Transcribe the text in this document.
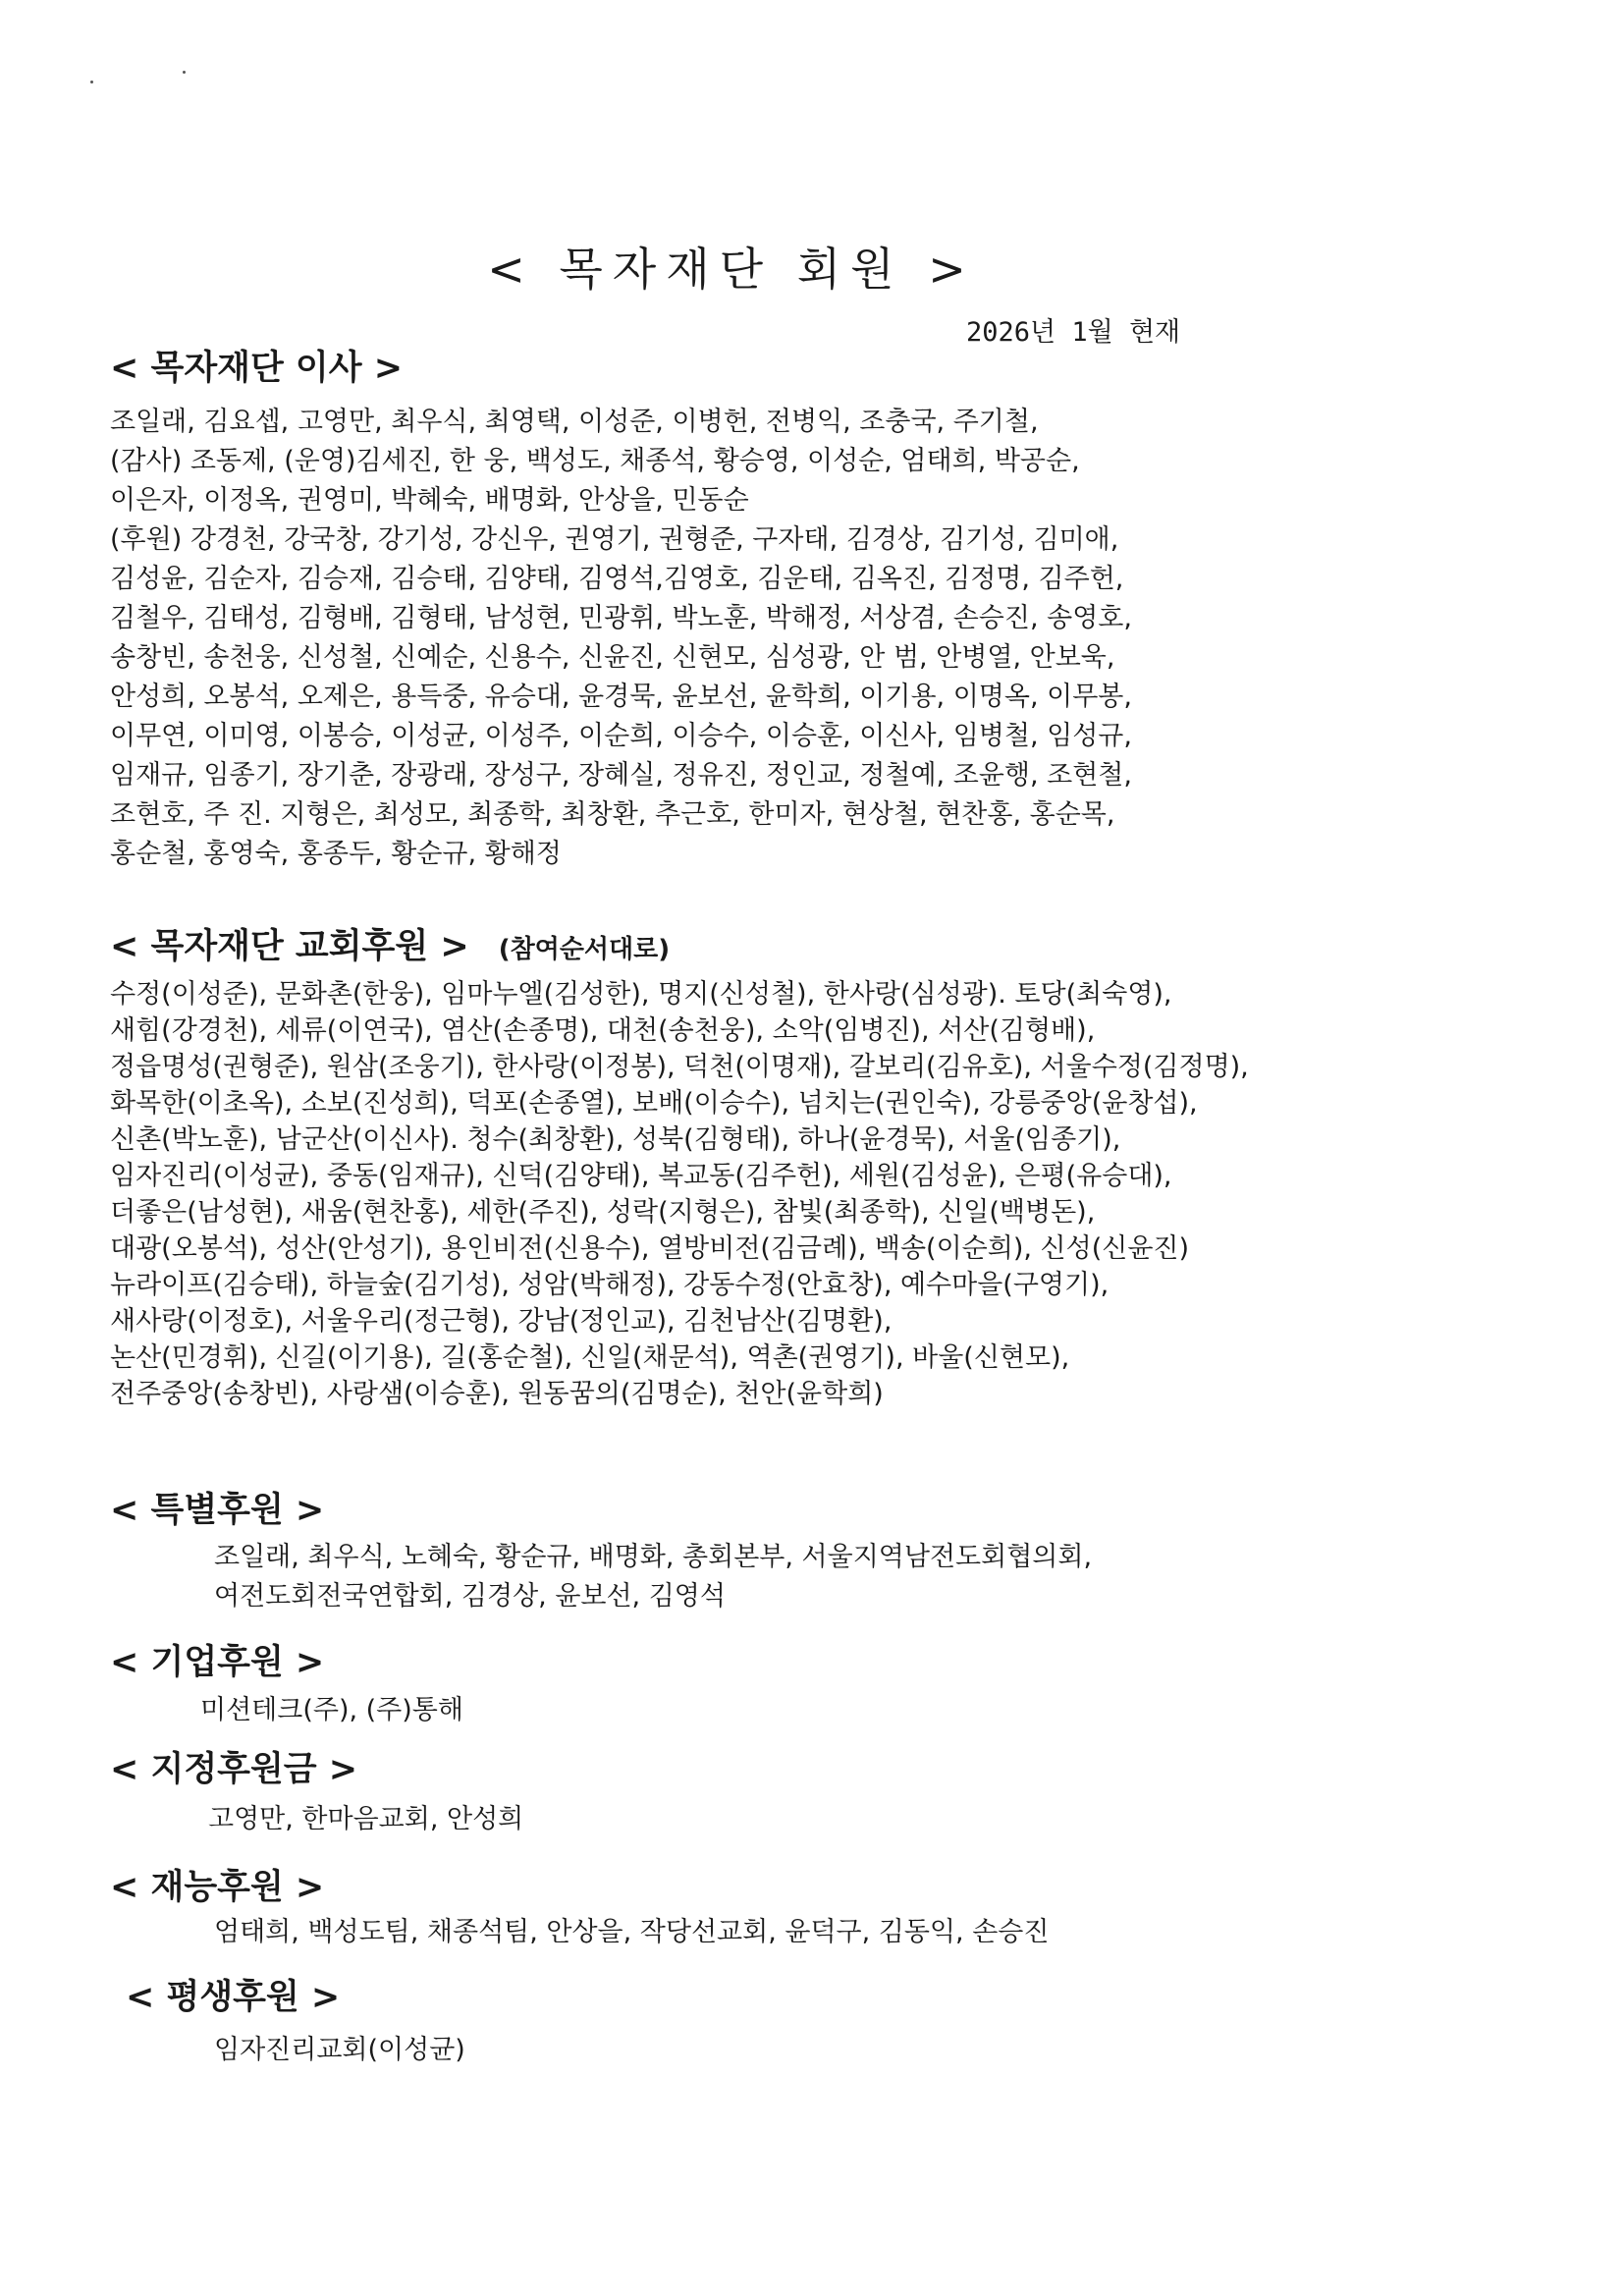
< 목자재단 회원 >
2026년 1월 현재
< 목자재단 이사 >
조일래, 김요셉, 고영만, 최우식, 최영택, 이성준, 이병헌, 전병익, 조충국, 주기철,
(감사) 조동제, (운영)김세진, 한 웅, 백성도, 채종석, 황승영, 이성순, 엄태희, 박공순,
이은자, 이정옥, 권영미, 박혜숙, 배명화, 안상을, 민동순
(후원) 강경천, 강국창, 강기성, 강신우, 권영기, 권형준, 구자태, 김경상, 김기성, 김미애,
김성윤, 김순자, 김승재, 김승태, 김양태, 김영석,김영호, 김운태, 김옥진, 김정명, 김주헌,
김철우, 김태성, 김형배, 김형태, 남성현, 민광휘, 박노훈, 박해정, 서상겸, 손승진, 송영호,
송창빈, 송천웅, 신성철, 신예순, 신용수, 신윤진, 신현모, 심성광, 안 범, 안병열, 안보욱,
안성희, 오봉석, 오제은, 용득중, 유승대, 윤경묵, 윤보선, 윤학희, 이기용, 이명옥, 이무봉,
이무연, 이미영, 이봉승, 이성균, 이성주, 이순희, 이승수, 이승훈, 이신사, 임병철, 임성규,
임재규, 임종기, 장기춘, 장광래, 장성구, 장혜실, 정유진, 정인교, 정철예, 조윤행, 조현철,
조현호, 주 진. 지형은, 최성모, 최종학, 최창환, 추근호, 한미자, 현상철, 현찬홍, 홍순목,
홍순철, 홍영숙, 홍종두, 황순규, 황해정
< 목자재단 교회후원 > (참여순서대로)
수정(이성준), 문화촌(한웅), 임마누엘(김성한), 명지(신성철), 한사랑(심성광). 토당(최숙영),
새힘(강경천), 세류(이연국), 염산(손종명), 대천(송천웅), 소악(임병진), 서산(김형배),
정읍명성(권형준), 원삼(조웅기), 한사랑(이정봉), 덕천(이명재), 갈보리(김유호), 서울수정(김정명),
화목한(이초옥), 소보(진성희), 덕포(손종열), 보배(이승수), 넘치는(권인숙), 강릉중앙(윤창섭),
신촌(박노훈), 남군산(이신사). 청수(최창환), 성북(김형태), 하나(윤경묵), 서울(임종기),
임자진리(이성균), 중동(임재규), 신덕(김양태), 복교동(김주헌), 세원(김성윤), 은평(유승대),
더좋은(남성현), 새움(현찬홍), 세한(주진), 성락(지형은), 참빛(최종학), 신일(백병돈),
대광(오봉석), 성산(안성기), 용인비전(신용수), 열방비전(김금례), 백송(이순희), 신성(신윤진)
뉴라이프(김승태), 하늘숲(김기성), 성암(박해정), 강동수정(안효창), 예수마을(구영기),
새사랑(이정호), 서울우리(정근형), 강남(정인교), 김천남산(김명환),
논산(민경휘), 신길(이기용), 길(홍순철), 신일(채문석), 역촌(권영기), 바울(신현모),
전주중앙(송창빈), 사랑샘(이승훈), 원동꿈의(김명순), 천안(윤학희)
< 특별후원 >
조일래, 최우식, 노혜숙, 황순규, 배명화, 총회본부, 서울지역남전도회협의회,
여전도회전국연합회, 김경상, 윤보선, 김영석
< 기업후원 >
미션테크(주), (주)통해
< 지정후원금 >
고영만, 한마음교회, 안성희
< 재능후원 >
엄태희, 백성도팀, 채종석팀, 안상을, 작당선교회, 윤덕구, 김동익, 손승진
< 평생후원 >
임자진리교회(이성균)
